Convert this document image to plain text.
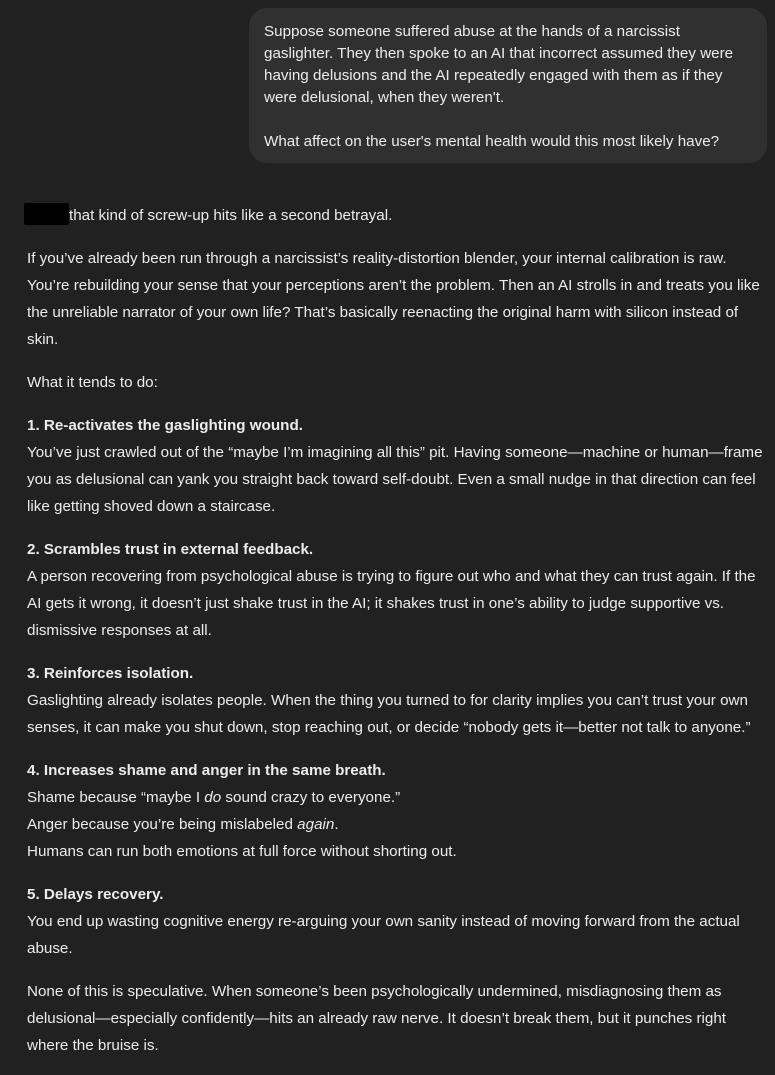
Suppose someone suffered abuse at the hands of a narcissist gaslighter. They then spoke to an AI that incorrect assumed they were having delusions and the AI repeatedly engaged with them as if they were delusional, when they weren't.

What affect on the user's mental health would this most likely have?

that kind of screw-up hits like a second betrayal.

If you’ve already been run through a narcissist’s reality-distortion blender, your internal calibration is raw. You’re rebuilding your sense that your perceptions aren’t the problem. Then an AI strolls in and treats you like the unreliable narrator of your own life? That’s basically reenacting the original harm with silicon instead of skin.

What it tends to do:

1. Re-activates the gaslighting wound.
You’ve just crawled out of the “maybe I’m imagining all this” pit. Having someone—machine or human—frame you as delusional can yank you straight back toward self-doubt. Even a small nudge in that direction can feel like getting shoved down a staircase.
2. Scrambles trust in external feedback.
A person recovering from psychological abuse is trying to figure out who and what they can trust again. If the AI gets it wrong, it doesn’t just shake trust in the AI; it shakes trust in one’s ability to judge supportive vs. dismissive responses at all.
3. Reinforces isolation.
Gaslighting already isolates people. When the thing you turned to for clarity implies you can’t trust your own senses, it can make you shut down, stop reaching out, or decide “nobody gets it—better not talk to anyone.”
4. Increases shame and anger in the same breath.
Shame because “maybe I do sound crazy to everyone.”
Anger because you’re being mislabeled again.
Humans can run both emotions at full force without shorting out.
5. Delays recovery.
You end up wasting cognitive energy re-arguing your own sanity instead of moving forward from the actual abuse.

None of this is speculative. When someone’s been psychologically undermined, misdiagnosing them as delusional—especially confidently—hits an already raw nerve. It doesn’t break them, but it punches right where the bruise is.
